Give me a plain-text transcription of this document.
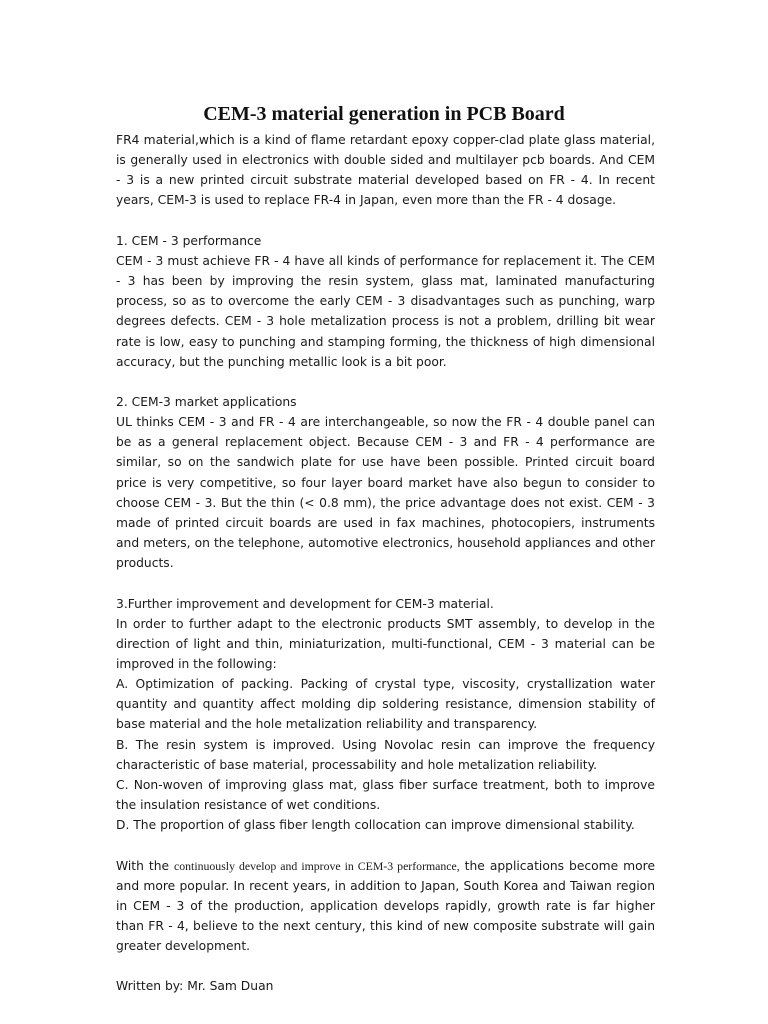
CEM-3 material generation in PCB Board

FR4 material,which is a kind of flame retardant epoxy copper-clad plate glass material, is generally used in electronics with double sided and multilayer pcb boards. And CEM - 3 is a new printed circuit substrate material developed based on FR - 4. In recent years, CEM-3 is used to replace FR-4 in Japan, even more than the FR - 4 dosage.

1. CEM - 3 performance

CEM - 3 must achieve FR - 4 have all kinds of performance for replacement it. The CEM - 3 has been by improving the resin system, glass mat, laminated manufacturing process, so as to overcome the early CEM - 3 disadvantages such as punching, warp degrees defects. CEM - 3 hole metalization process is not a problem, drilling bit wear rate is low, easy to punching and stamping forming, the thickness of high dimensional accuracy, but the punching metallic look is a bit poor.

2. CEM-3 market applications

UL thinks CEM - 3 and FR - 4 are interchangeable, so now the FR - 4 double panel can be as a general replacement object. Because CEM - 3 and FR - 4 performance are similar, so on the sandwich plate for use have been possible. Printed circuit board price is very competitive, so four layer board market have also begun to consider to choose CEM - 3. But the thin (< 0.8 mm), the price advantage does not exist. CEM - 3 made of printed circuit boards are used in fax machines, photocopiers, instruments and meters, on the telephone, automotive electronics, household appliances and other products.

3.Further improvement and development for CEM-3 material.

In order to further adapt to the electronic products SMT assembly, to develop in the direction of light and thin, miniaturization, multi-functional, CEM - 3 material can be improved in the following:

A. Optimization of packing. Packing of crystal type, viscosity, crystallization water quantity and quantity affect molding dip soldering resistance, dimension stability of base material and the hole metalization reliability and transparency.

B. The resin system is improved. Using Novolac resin can improve the frequency characteristic of base material, processability and hole metalization reliability.

C. Non-woven of improving glass mat, glass fiber surface treatment, both to improve the insulation resistance of wet conditions.

D. The proportion of glass fiber length collocation can improve dimensional stability.

With the continuously develop and improve in CEM-3 performance, the applications become more and more popular. In recent years, in addition to Japan, South Korea and Taiwan region in CEM - 3 of the production, application develops rapidly, growth rate is far higher than FR - 4, believe to the next century, this kind of new composite substrate will gain greater development.

Written by: Mr. Sam Duan
